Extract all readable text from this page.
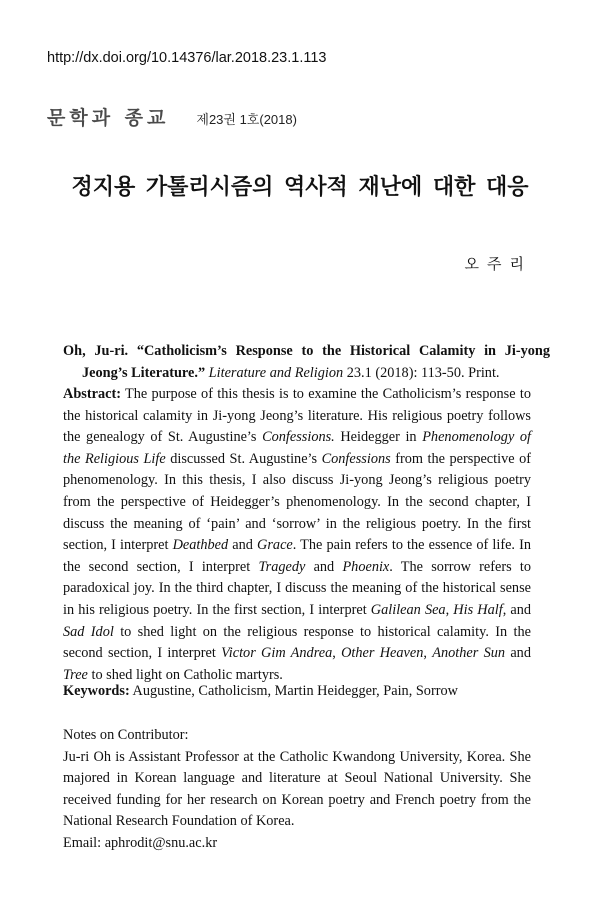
http://dx.doi.org/10.14376/lar.2018.23.1.113
문학과 종교 제23권 1호(2018)
정지용 가톨리시즘의 역사적 재난에 대한 대응
오주리
Oh, Ju-ri. “Catholicism’s Response to the Historical Calamity in Ji-yong Jeong’s Literature.” Literature and Religion 23.1 (2018): 113-50. Print.
Abstract: The purpose of this thesis is to examine the Catholicism’s response to the historical calamity in Ji-yong Jeong’s literature. His religious poetry follows the genealogy of St. Augustine’s Confessions. Heidegger in Phenomenology of the Religious Life discussed St. Augustine’s Confessions from the perspective of phenomenology. In this thesis, I also discuss Ji-yong Jeong’s religious poetry from the perspective of Heidegger’s phenomenology. In the second chapter, I discuss the meaning of ‘pain’ and ‘sorrow’ in the religious poetry. In the first section, I interpret Deathbed and Grace. The pain refers to the essence of life. In the second section, I interpret Tragedy and Phoenix. The sorrow refers to paradoxical joy. In the third chapter, I discuss the meaning of the historical sense in his religious poetry. In the first section, I interpret Galilean Sea, His Half, and Sad Idol to shed light on the religious response to historical calamity. In the second section, I interpret Victor Gim Andrea, Other Heaven, Another Sun and Tree to shed light on Catholic martyrs.
Keywords: Augustine, Catholicism, Martin Heidegger, Pain, Sorrow

Notes on Contributor:

Ju-ri Oh is Assistant Professor at the Catholic Kwandong University, Korea. She majored in Korean language and literature at Seoul National University. She received funding for her research on Korean poetry and French poetry from the National Research Foundation of Korea.

Email: aphrodit@snu.ac.kr
